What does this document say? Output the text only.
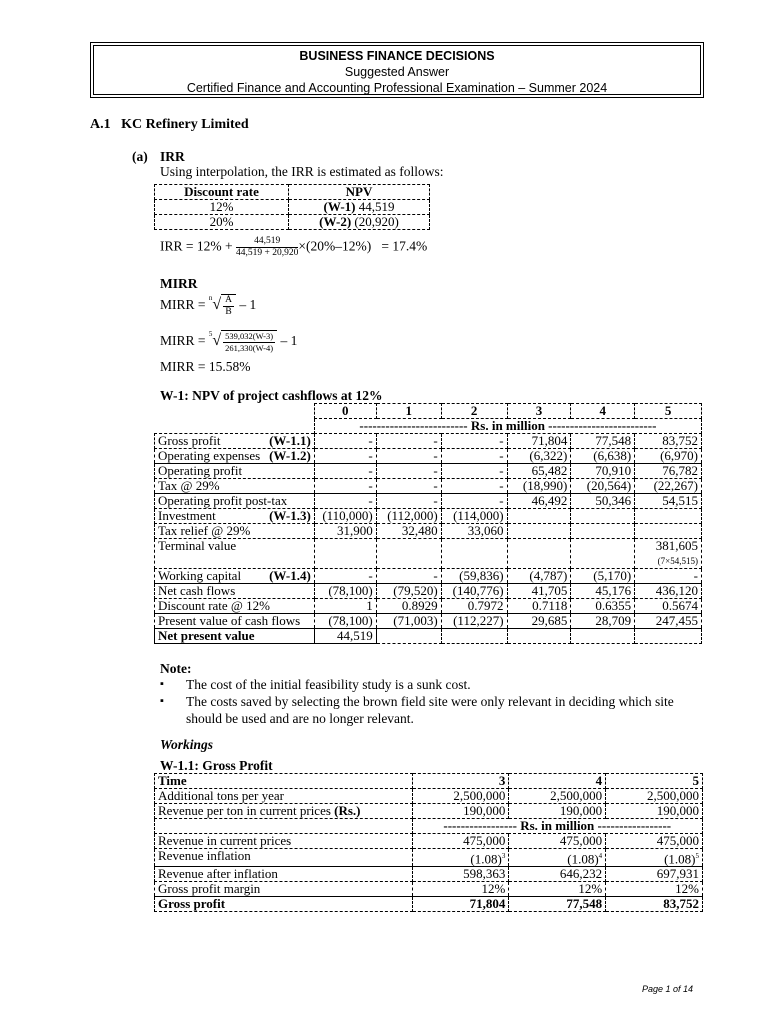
BUSINESS FINANCE DECISIONS
Suggested Answer
Certified Finance and Accounting Professional Examination – Summer 2024
A.1 KC Refinery Limited
(a) IRR
Using interpolation, the IRR is estimated as follows:
Discount rate	NPV
12%	(W-1) 44,519
20%	(W-2) (20,920)
IRR = $12\% + \frac{44,519}{44,519 + 20,920} \times(20\%-12\%) = 17.4\%$
MIRR
MIRR = $^n√ \frac{A}{B} - 1$
MIRR = $^5√ \frac{539,032(W-3)}{261,330(W-4)} - 1$
MIRR = 15.58%
W-1: NPV of project cashflows at 12%
	0	1	2	3	4	5
	------------------------- Rs. in million -------------------------					
Gross profit (W-1.1)	-	-	-	71,804	77,548	83,752
Operating expenses (W-1.2)	-	-	-	(6,322)	(6,638)	(6,970)
Operating profit	-	-	-	65,482	70,910	76,782
Tax @ 29%	-	-	-	(18,990)	(20,564)	(22,267)
Operating profit post-tax	-	-	-	46,492	50,346	54,515
Investment (W-1.3)	(110,000)	(112,000)	(114,000)			
Tax relief @ 29%	31,900	32,480	33,060			
Terminal value						381,605
(7×54,515)
Working capital (W-1.4)	-	-	(59,836)	(4,787)	(5,170)	-
Net cash flows	(78,100)	(79,520)	(140,776)	41,705	45,176	436,120
Discount rate @ 12%	1	0.8929	0.7972	0.7118	0.6355	0.5674
Present value of cash flows	(78,100)	(71,003)	(112,227)	29,685	28,709	247,455
Net present value	44,519					
Note:
▪ The cost of the initial feasibility study is a sunk cost.
▪ The costs saved by selecting the brown field site were only relevant in deciding which site should be used and are no longer relevant.
Workings
W-1.1: Gross Profit
Time	3	4	5
Additional tons per year	2,500,000	2,500,000	2,500,000
Revenue per ton in current prices (Rs.)	190,000	190,000	190,000
	----------------- Rs. in million -----------------		
Revenue in current prices	475,000	475,000	475,000
Revenue inflation	$(1.08)^3$	$(1.08)^4$	$(1.08)^5$
Revenue after inflation	598,363	646,232	697,931
Gross profit margin	12%	12%	12%
Gross profit	71,804	77,548	83,752
Page 1 of 14
